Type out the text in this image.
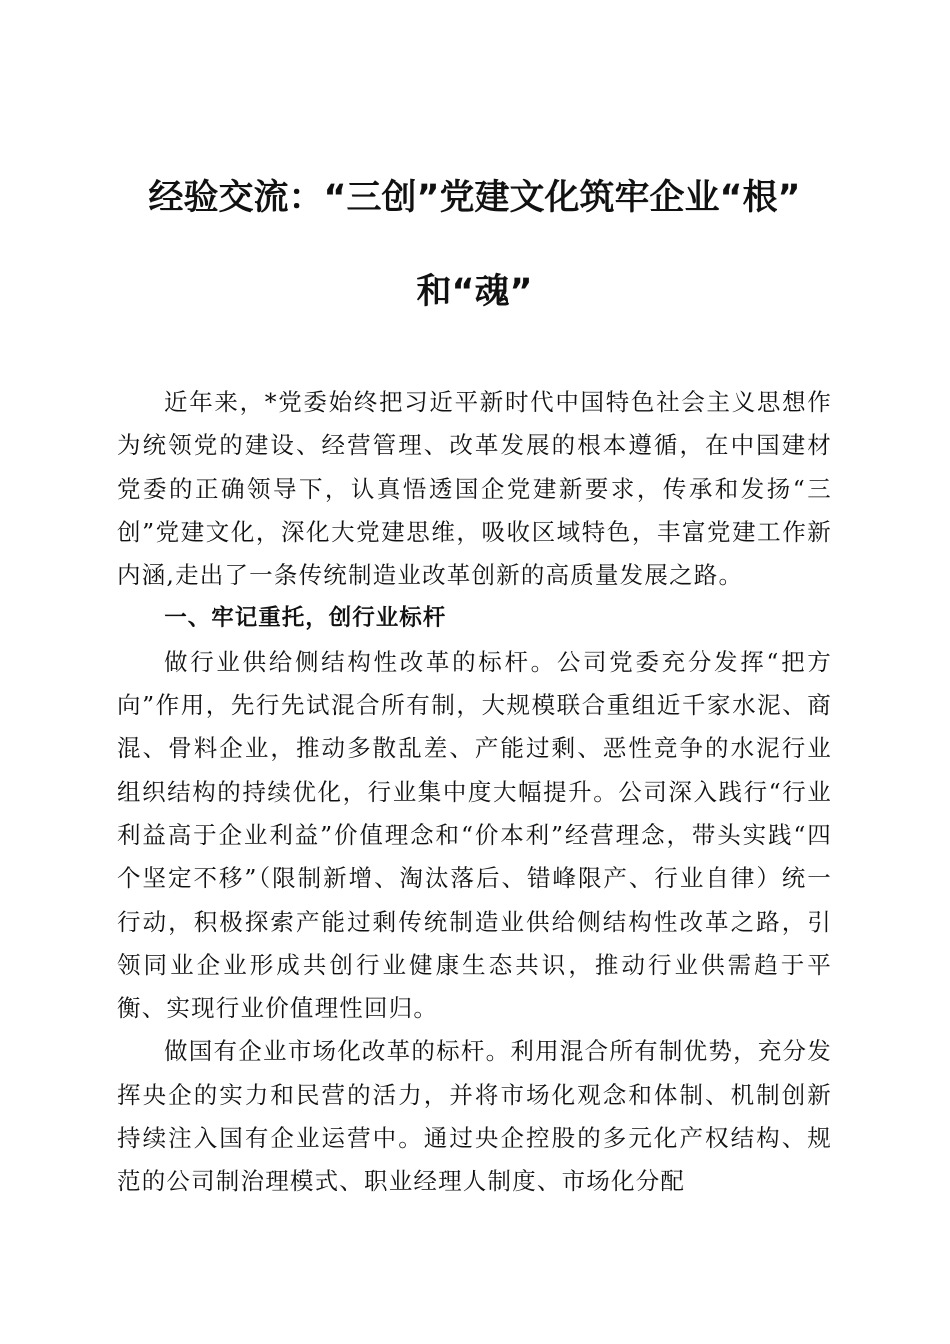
经验交流：“三创”党建文化筑牢企业“根”

和“魂”

近年来，*党委始终把习近平新时代中国特色社会主义思想作为统领党的建设、经营管理、改革发展的根本遵循，在中国建材党委的正确领导下，认真悟透国企党建新要求，传承和发扬“三创”党建文化，深化大党建思维，吸收区域特色，丰富党建工作新内涵,走出了一条传统制造业改革创新的高质量发展之路。

一、牢记重托，创行业标杆

做行业供给侧结构性改革的标杆。公司党委充分发挥“把方向”作用，先行先试混合所有制，大规模联合重组近千家水泥、商混、骨料企业，推动多散乱差、产能过剩、恶性竞争的水泥行业组织结构的持续优化，行业集中度大幅提升。公司深入践行“行业利益高于企业利益”价值理念和“价本利”经营理念，带头实践“四个坚定不移”（限制新增、淘汰落后、错峰限产、行业自律）统一行动，积极探索产能过剩传统制造业供给侧结构性改革之路，引领同业企业形成共创行业健康生态共识，推动行业供需趋于平衡、实现行业价值理性回归。

做国有企业市场化改革的标杆。利用混合所有制优势，充分发挥央企的实力和民营的活力，并将市场化观念和体制、机制创新持续注入国有企业运营中。通过央企控股的多元化产权结构、规范的公司制治理模式、职业经理人制度、市场化分配
